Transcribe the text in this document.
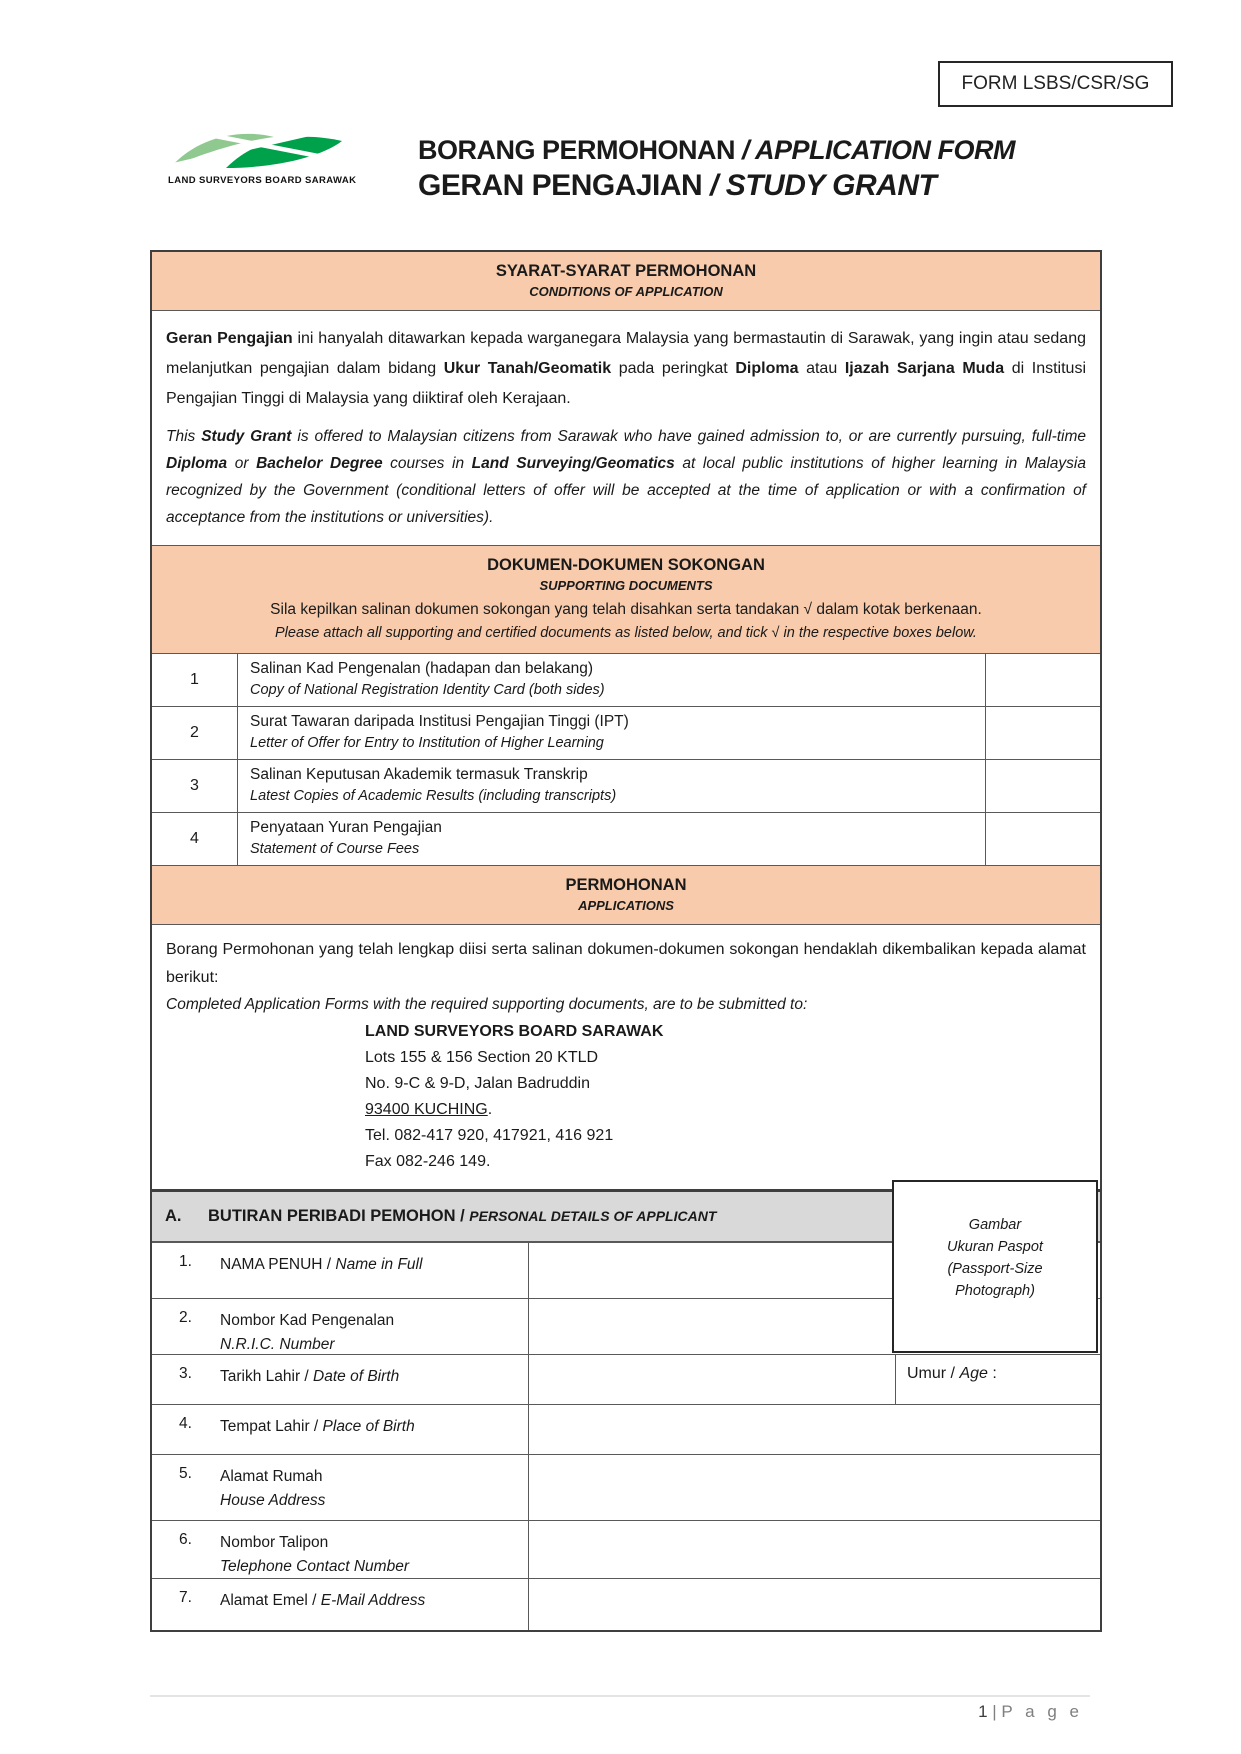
FORM LSBS/CSR/SG
LAND SURVEYORS BOARD SARAWAK
BORANG PERMOHONAN / APPLICATION FORM
GERAN PENGAJIAN / STUDY GRANT
SYARAT-SYARAT PERMOHONAN
CONDITIONS OF APPLICATION

Geran Pengajian ini hanyalah ditawarkan kepada warganegara Malaysia yang bermastautin di Sarawak, yang ingin atau sedang melanjutkan pengajian dalam bidang Ukur Tanah/Geomatik pada peringkat Diploma atau Ijazah Sarjana Muda di Institusi Pengajian Tinggi di Malaysia yang diiktiraf oleh Kerajaan.

This Study Grant is offered to Malaysian citizens from Sarawak who have gained admission to, or are currently pursuing, full-time Diploma or Bachelor Degree courses in Land Surveying/Geomatics at local public institutions of higher learning in Malaysia recognized by the Government (conditional letters of offer will be accepted at the time of application or with a confirmation of acceptance from the institutions or universities).

DOKUMEN-DOKUMEN SOKONGAN
SUPPORTING DOCUMENTS
Sila kepilkan salinan dokumen sokongan yang telah disahkan serta tandakan √ dalam kotak berkenaan.
Please attach all supporting and certified documents as listed below, and tick √ in the respective boxes below.
1
Salinan Kad Pengenalan (hadapan dan belakang)
Copy of National Registration Identity Card (both sides)
2
Surat Tawaran daripada Institusi Pengajian Tinggi (IPT)
Letter of Offer for Entry to Institution of Higher Learning
3
Salinan Keputusan Akademik termasuk Transkrip
Latest Copies of Academic Results (including transcripts)
4
Penyataan Yuran Pengajian
Statement of Course Fees
PERMOHONAN
APPLICATIONS

Borang Permohonan yang telah lengkap diisi serta salinan dokumen-dokumen sokongan hendaklah dikembalikan kepada alamat berikut:

Completed Application Forms with the required supporting documents, are to be submitted to:

LAND SURVEYORS BOARD SARAWAK
Lots 155 & 156 Section 20 KTLD
No. 9-C & 9-D, Jalan Badruddin
93400 KUCHING.
Tel. 082-417 920, 417921, 416 921
Fax 082-246 149.
A.	BUTIRAN PERIBADI PEMOHON / PERSONAL DETAILS OF APPLICANT
1.	NAMA PENUH / Name in Full
2.	Nombor Kad Pengenalan
N.R.I.C. Number
3.	Tarikh Lahir / Date of Birth	Umur / Age :
4.	Tempat Lahir / Place of Birth
5.	Alamat Rumah
House Address
6.	Nombor Talipon
Telephone Contact Number
7.	Alamat Emel / E-Mail Address
Gambar
Ukuran Paspot
(Passport-Size
Photograph)
1 | P a g e
